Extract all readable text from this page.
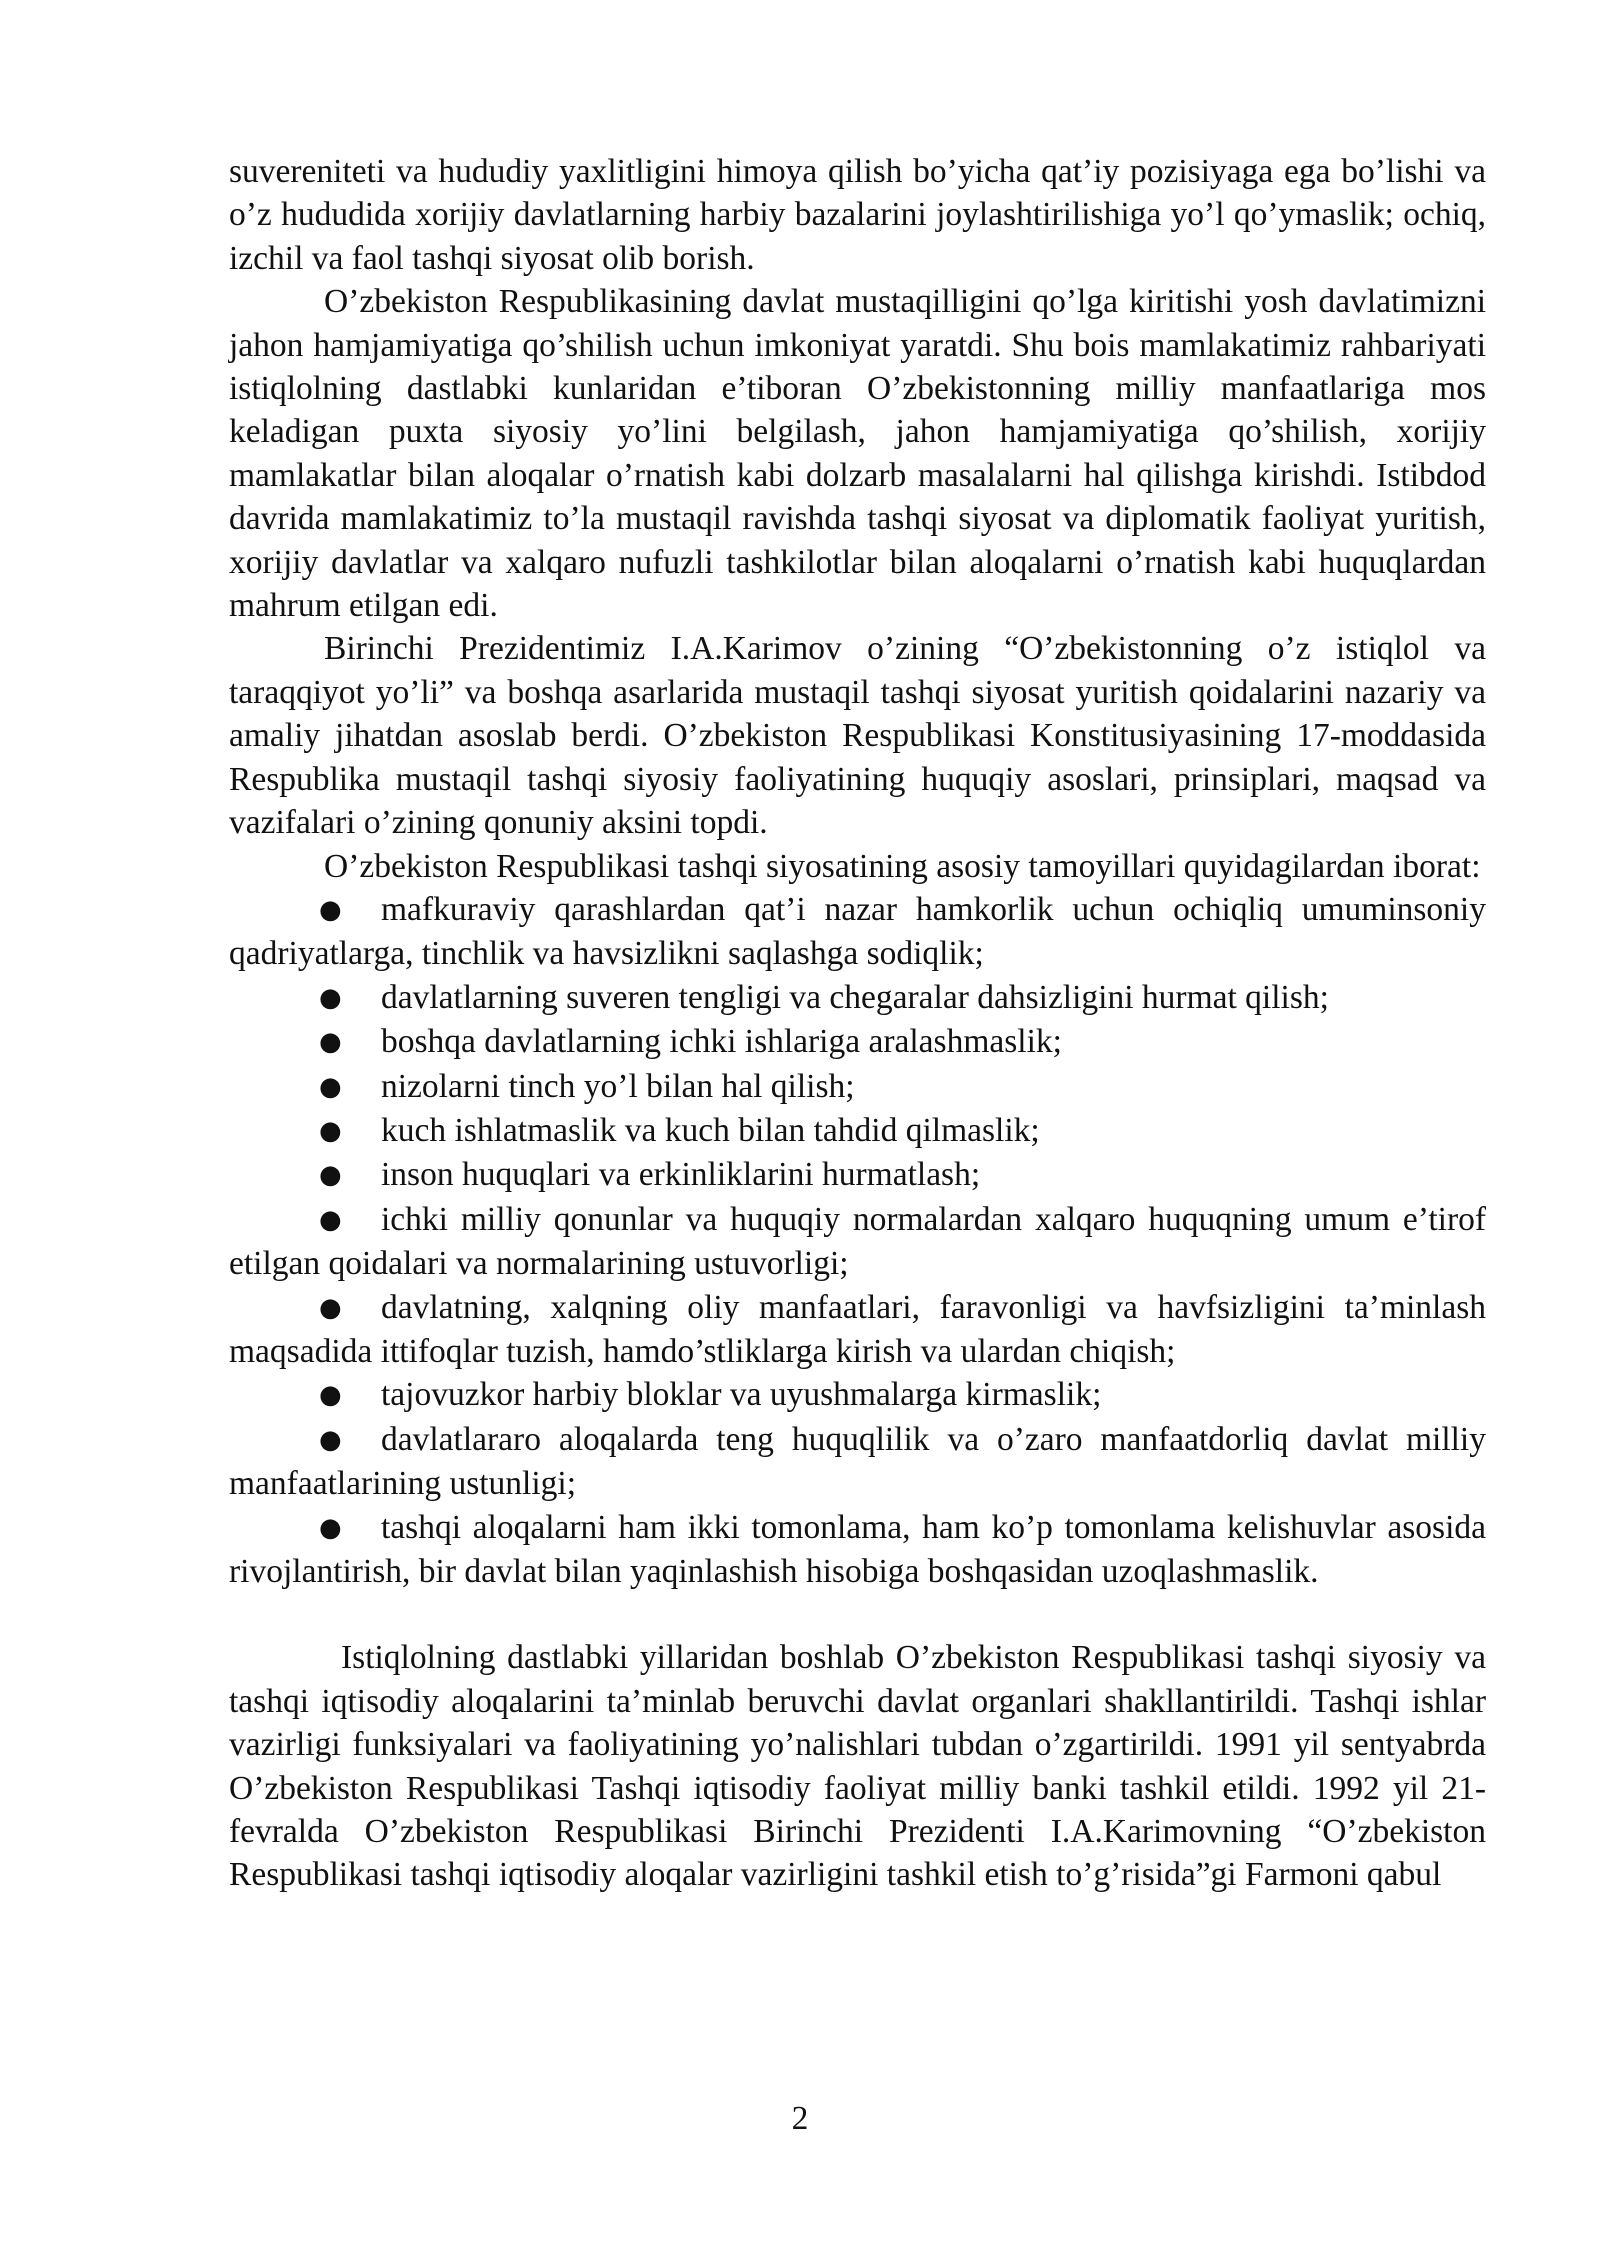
suvereniteti va hududiy yaxlitligini himoya qilish bo’yicha qat’iy pozisiyaga ega bo’lishi va o’z hududida xorijiy davlatlarning harbiy bazalarini joylashtirilishiga yo’l qo’ymaslik; ochiq, izchil va faol tashqi siyosat olib borish.

O’zbekiston Respublikasining davlat mustaqilligini qo’lga kiritishi yosh davlatimizni jahon hamjamiyatiga qo’shilish uchun imkoniyat yaratdi. Shu bois mamlakatimiz rahbariyati istiqlolning dastlabki kunlaridan e’tiboran O’zbekistonning milliy manfaatlariga mos keladigan puxta siyosiy yo’lini belgilash, jahon hamjamiyatiga qo’shilish, xorijiy mamlakatlar bilan aloqalar o’rnatish kabi dolzarb masalalarni hal qilishga kirishdi. Istibdod davrida mamlakatimiz to’la mustaqil ravishda tashqi siyosat va diplomatik faoliyat yuritish, xorijiy davlatlar va xalqaro nufuzli tashkilotlar bilan aloqalarni o’rnatish kabi huquqlardan mahrum etilgan edi.

Birinchi Prezidentimiz I.A.Karimov o’zining “O’zbekistonning o’z istiqlol va taraqqiyot yo’li” va boshqa asarlarida mustaqil tashqi siyosat yuritish qoidalarini nazariy va amaliy jihatdan asoslab berdi. O’zbekiston Respublikasi Konstitusiyasining 17-moddasida Respublika mustaqil tashqi siyosiy faoliyatining huquqiy asoslari, prinsiplari, maqsad va vazifalari o’zining qonuniy aksini topdi.

O’zbekiston Respublikasi tashqi siyosatining asosiy tamoyillari quyidagilardan iborat:

● mafkuraviy qarashlardan qat’i nazar hamkorlik uchun ochiqliq umuminsoniy qadriyatlarga, tinchlik va havsizlikni saqlashga sodiqlik;
● davlatlarning suveren tengligi va chegaralar dahsizligini hurmat qilish;
● boshqa davlatlarning ichki ishlariga aralashmaslik;
● nizolarni tinch yo’l bilan hal qilish;
● kuch ishlatmaslik va kuch bilan tahdid qilmaslik;
● inson huquqlari va erkinliklarini hurmatlash;
● ichki milliy qonunlar va huquqiy normalardan xalqaro huquqning umum e’tirof etilgan qoidalari va normalarining ustuvorligi;
● davlatning, xalqning oliy manfaatlari, faravonligi va havfsizligini ta’minlash maqsadida ittifoqlar tuzish, hamdo’stliklarga kirish va ulardan chiqish;
● tajovuzkor harbiy bloklar va uyushmalarga kirmaslik;
● davlatlararo aloqalarda teng huquqlilik va o’zaro manfaatdorliq davlat milliy manfaatlarining ustunligi;
● tashqi aloqalarni ham ikki tomonlama, ham ko’p tomonlama kelishuvlar asosida rivojlantirish, bir davlat bilan yaqinlashish hisobiga boshqasidan uzoqlashmaslik.

Istiqlolning dastlabki yillaridan boshlab O’zbekiston Respublikasi tashqi siyosiy va tashqi iqtisodiy aloqalarini ta’minlab beruvchi davlat organlari shakllantirildi. Tashqi ishlar vazirligi funksiyalari va faoliyatining yo’nalishlari tubdan o’zgartirildi. 1991 yil sentyabrda O’zbekiston Respublikasi Tashqi iqtisodiy faoliyat milliy banki tashkil etildi. 1992 yil 21-fevralda O’zbekiston Respublikasi Birinchi Prezidenti I.A.Karimovning “O’zbekiston Respublikasi tashqi iqtisodiy aloqalar vazirligini tashkil etish to’g’risida”gi Farmoni qabul

2
